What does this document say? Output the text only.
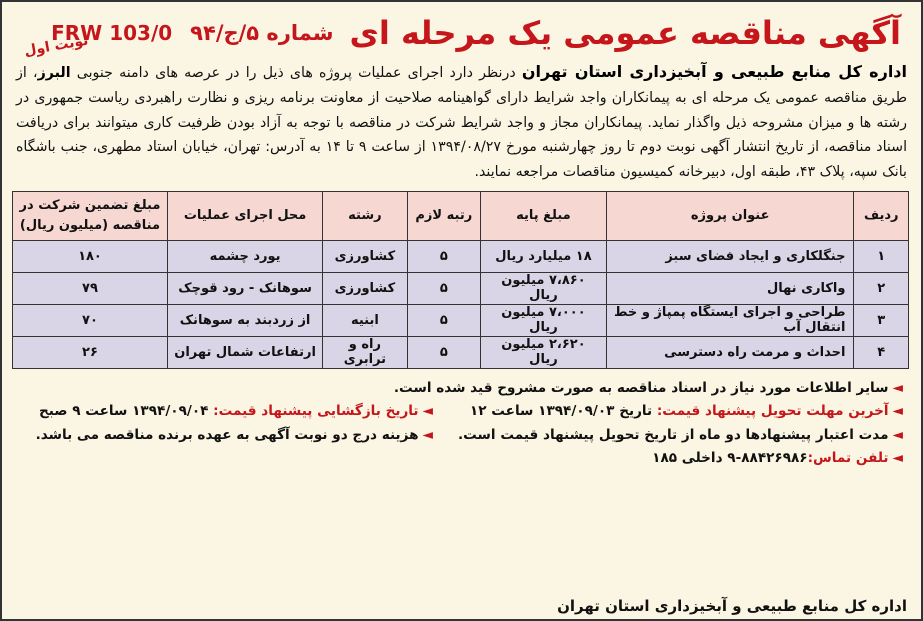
آگهی مناقصه عمومی یک مرحله ای
شماره ۵/ج/۹۴
FRW 103/0
نوبت اول
اداره کل منابع طبیعی و آبخیزداری استان تهران درنظر دارد اجرای عملیات پروژه های ذیل را در عرصه های دامنه جنوبی البرز، از طریق مناقصه عمومی یک مرحله ای به پیمانکاران واجد شرایط دارای گواهینامه صلاحیت از معاونت برنامه ریزی و نظارت راهبردی ریاست جمهوری در رشته ها و میزان مشروحه ذیل واگذار نماید. پیمانکاران مجاز و واجد شرایط شرکت در مناقصه با توجه به آزاد بودن ظرفیت کاری میتوانند برای دریافت اسناد مناقصه، از تاریخ انتشار آگهی نوبت دوم تا روز چهارشنبه مورخ ۱۳۹۴/۰۸/۲۷ از ساعت ۹ تا ۱۴ به آدرس: تهران، خیابان استاد مطهری، جنب باشگاه بانک سپه، پلاک ۴۳، طبقه اول، دبیرخانه کمیسیون مناقصات مراجعه نمایند.
ردیف	عنوان پروژه	مبلغ پایه	رتبه لازم	رشته	محل اجرای عملیات	مبلغ تضمین شرکت در مناقصه (میلیون ریال)
۱	جنگلکاری و ایجاد فضای سبز	۱۸ میلیارد ریال	۵	کشاورزی	یورد چشمه	۱۸۰
۲	واکاری نهال	۷،۸۶۰ میلیون ریال	۵	کشاورزی	سوهانک - رود قوچک	۷۹
۳	طراحی و اجرای ایستگاه پمپاژ و خط انتقال آب	۷،۰۰۰ میلیون ریال	۵	ابنیه	از زردبند به سوهانک	۷۰
۴	احداث و مرمت راه دسترسی	۲،۶۲۰ میلیون ریال	۵	راه و ترابری	ارتفاعات شمال تهران	۲۶
◄
سایر اطلاعات مورد نیاز در اسناد مناقصه به صورت مشروح قید شده است.
◄آخرین مهلت تحویل پیشنهاد قیمت: تاریخ ۱۳۹۴/۰۹/۰۳ ساعت ۱۲
◄تاریخ بازگشایی پیشنهاد قیمت: ۱۳۹۴/۰۹/۰۴ ساعت ۹ صبح
◄مدت اعتبار پیشنهادها دو ماه از تاریخ تحویل پیشنهاد قیمت است.
◄هزینه درج دو نوبت آگهی به عهده برنده مناقصه می باشد.
◄
تلفن تماس:
۹-۸۸۴۲۶۹۸۶ داخلی ۱۸۵
اداره کل منابع طبیعی و آبخیزداری استان تهران
